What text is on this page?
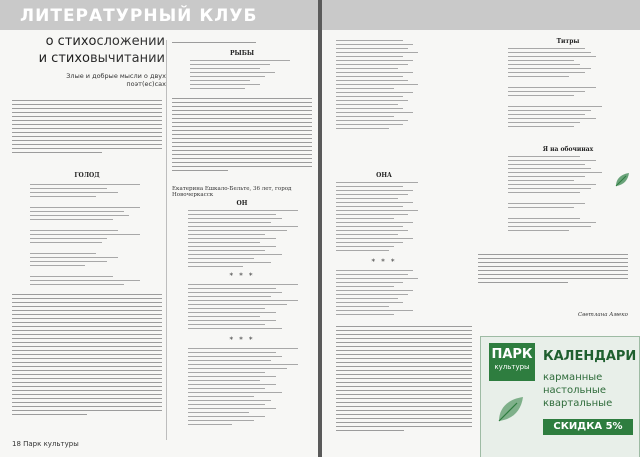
ЛИТЕРАТУРНЫЙ КЛУБ
о стихосложении
и стиховычитании
Злые и добрые мысли о двух поэт(ес)сах
ГОЛОД
18 Парк культуры
РЫБЫ
Екатерина Ешкало-Бельтe, 36 лет, город Новочеркасск
ОН
* * *
* * *
ОНА
* * *
Титры
Я на обочинах
Светлана Амеко
ПАРК
культуры
КАЛЕНДАРИ
карманные
настольные
квартальные
СКИДКА 5%
